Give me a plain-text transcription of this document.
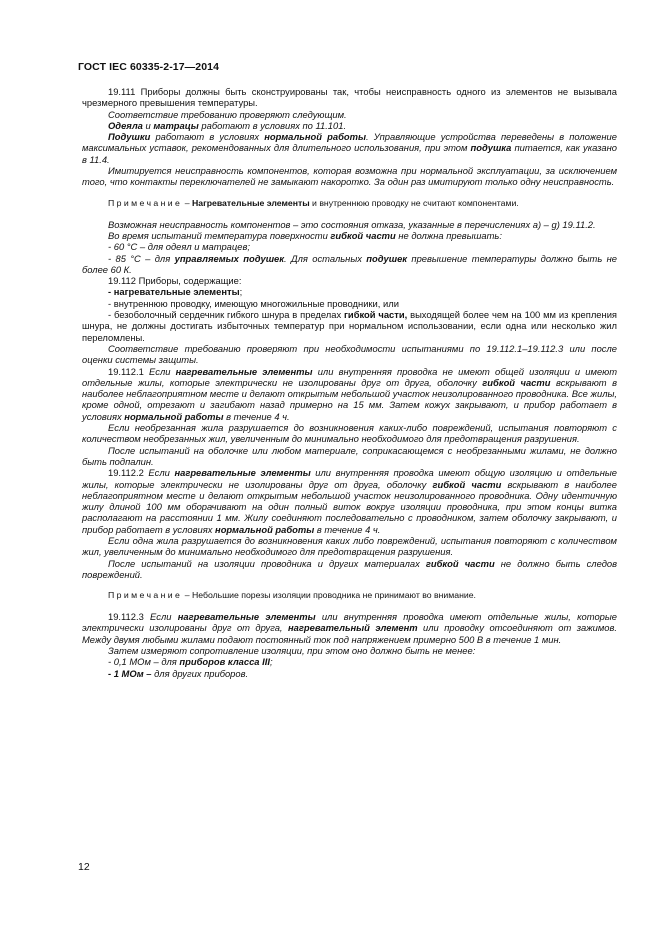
ГОСТ IEC 60335-2-17—2014

19.111 Приборы должны быть сконструированы так, чтобы неисправность одного из элементов не вызывала чрезмерного превышения температуры.

Соответствие требованию проверяют следующим.

Одеяла и матрацы работают в условиях по 11.101.

Подушки работают в условиях нормальной работы. Управляющие устройства переведены в положение максимальных уставок, рекомендованных для длительного использования, при этом подушка питается, как указано в 11.4.

Имитируется неисправность компонентов, которая возможна при нормальной эксплуатации, за исключением того, что контакты переключателей не замыкают накоротко. За один раз имитируют только одну неисправность.

Примечание – Нагревательные элементы и внутреннюю проводку не считают компонентами.

Возможная неисправность компонентов – это состояния отказа, указанные в перечислениях a) – g) 19.11.2.

Во время испытаний температура поверхности гибкой части не должна превышать:

- 60 °С – для одеял и матрацев;

- 85 °С – для управляемых подушек. Для остальных подушек превышение температуры должно быть не более 60 К.

19.112 Приборы, содержащие:

- нагревательные элементы;

- внутреннюю проводку, имеющую многожильные проводники, или

- безоболочный сердечник гибкого шнура в пределах гибкой части, выходящей более чем на 100 мм из крепления шнура, не должны достигать избыточных температур при нормальном использовании, если одна или несколько жил переломлены.

Соответствие требованию проверяют при необходимости испытаниями по 19.112.1–19.112.3 или после оценки системы защиты.

19.112.1 Если нагревательные элементы или внутренняя проводка не имеют общей изоляции и имеют отдельные жилы, которые электрически не изолированы друг от друга, оболочку гибкой части вскрывают в наиболее неблагоприятном месте и делают открытым небольшой участок неизолированного проводника. Все жилы, кроме одной, отрезают и загибают назад примерно на 15 мм. Затем кожух закрывают, и прибор работает в условиях нормальной работы в течение 4 ч.

Если необрезанная жила разрушается до возникновения каких-либо повреждений, испытания повторяют с количеством необрезанных жил, увеличенным до минимально необходимого для предотвращения разрушения.

После испытаний на оболочке или любом материале, соприкасающемся с необрезанными жилами, не должно быть подпалин.

19.112.2 Если нагревательные элементы или внутренняя проводка имеют общую изоляцию и отдельные жилы, которые электрически не изолированы друг от друга, оболочку гибкой части вскрывают в наиболее неблагоприятном месте и делают открытым небольшой участок неизолированного проводника. Одну идентичную жилу длиной 100 мм оборачивают на один полный виток вокруг изоляции проводника, при этом концы витка располагают на расстоянии 1 мм. Жилу соединяют последовательно с проводником, затем оболочку закрывают, и прибор работает в условиях нормальной работы в течение 4 ч.

Если одна жила разрушается до возникновения каких либо повреждений, испытания повторяют с количеством жил, увеличенным до минимально необходимого для предотвращения разрушения.

После испытаний на изоляции проводника и других материалах гибкой части не должно быть следов повреждений.

Примечание – Небольшие порезы изоляции проводника не принимают во внимание.

19.112.3 Если нагревательные элементы или внутренняя проводка имеют отдельные жилы, которые электрически изолированы друг от друга, нагревательный элемент или проводку отсоединяют от зажимов. Между двумя любыми жилами подают постоянный ток под напряжением примерно 500 В в течение 1 мин.

Затем измеряют сопротивление изоляции, при этом оно должно быть не менее:

- 0,1 МОм – для приборов класса III;

- 1 МОм – для других приборов.

12
